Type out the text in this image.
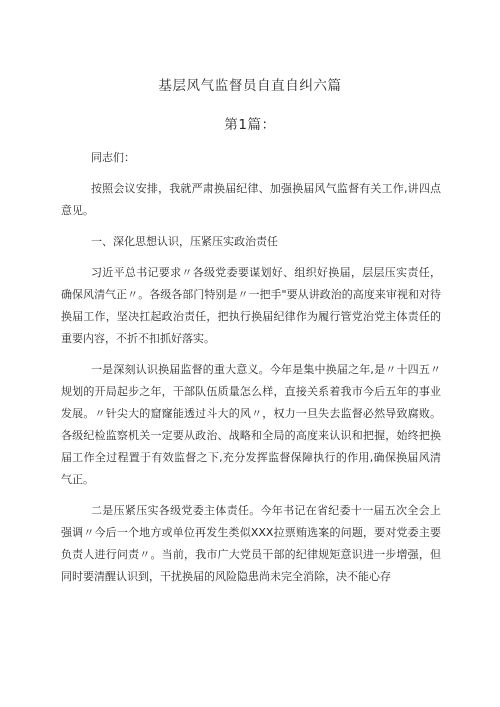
基层风气监督员自直自纠六篇
第1篇：

同志们：

按照会议安排，我就严肃换届纪律、加强换届风气监督有关工作,讲四点意见。

一、深化思想认识，压紧压实政治责任

习近平总书记要求〃各级党委要谋划好、组织好换届，层层压实责任，确保风清气正〃。各级各部门特别是〃一把手"要从讲政治的高度来审视和对待换届工作，坚决扛起政治责任，把执行换届纪律作为履行管党治党主体责任的重要内容，不折不扣抓好落实。

一是深刻认识换届监督的重大意义。今年是集中换届之年,是〃十四五〃规划的开局起步之年，干部队伍质量怎么样，直接关系着我市今后五年的事业发展。〃针尖大的窟窿能透过斗大的风〃，权力一旦失去监督必然导致腐败。各级纪检监察机关一定要从政治、战略和全局的高度来认识和把握，始终把换届工作全过程置于有效监督之下,充分发挥监督保障执行的作用,确保换届风清气正。

二是压紧压实各级党委主体责任。今年书记在省纪委十一届五次全会上强调〃今后一个地方或单位再发生类似XXX拉票贿选案的问题，要对党委主要负责人进行问责〃。当前，我市广大党员干部的纪律规矩意识进一步增强，但同时要清醒认识到，干扰换届的风险隐患尚未完全消除，决不能心存
